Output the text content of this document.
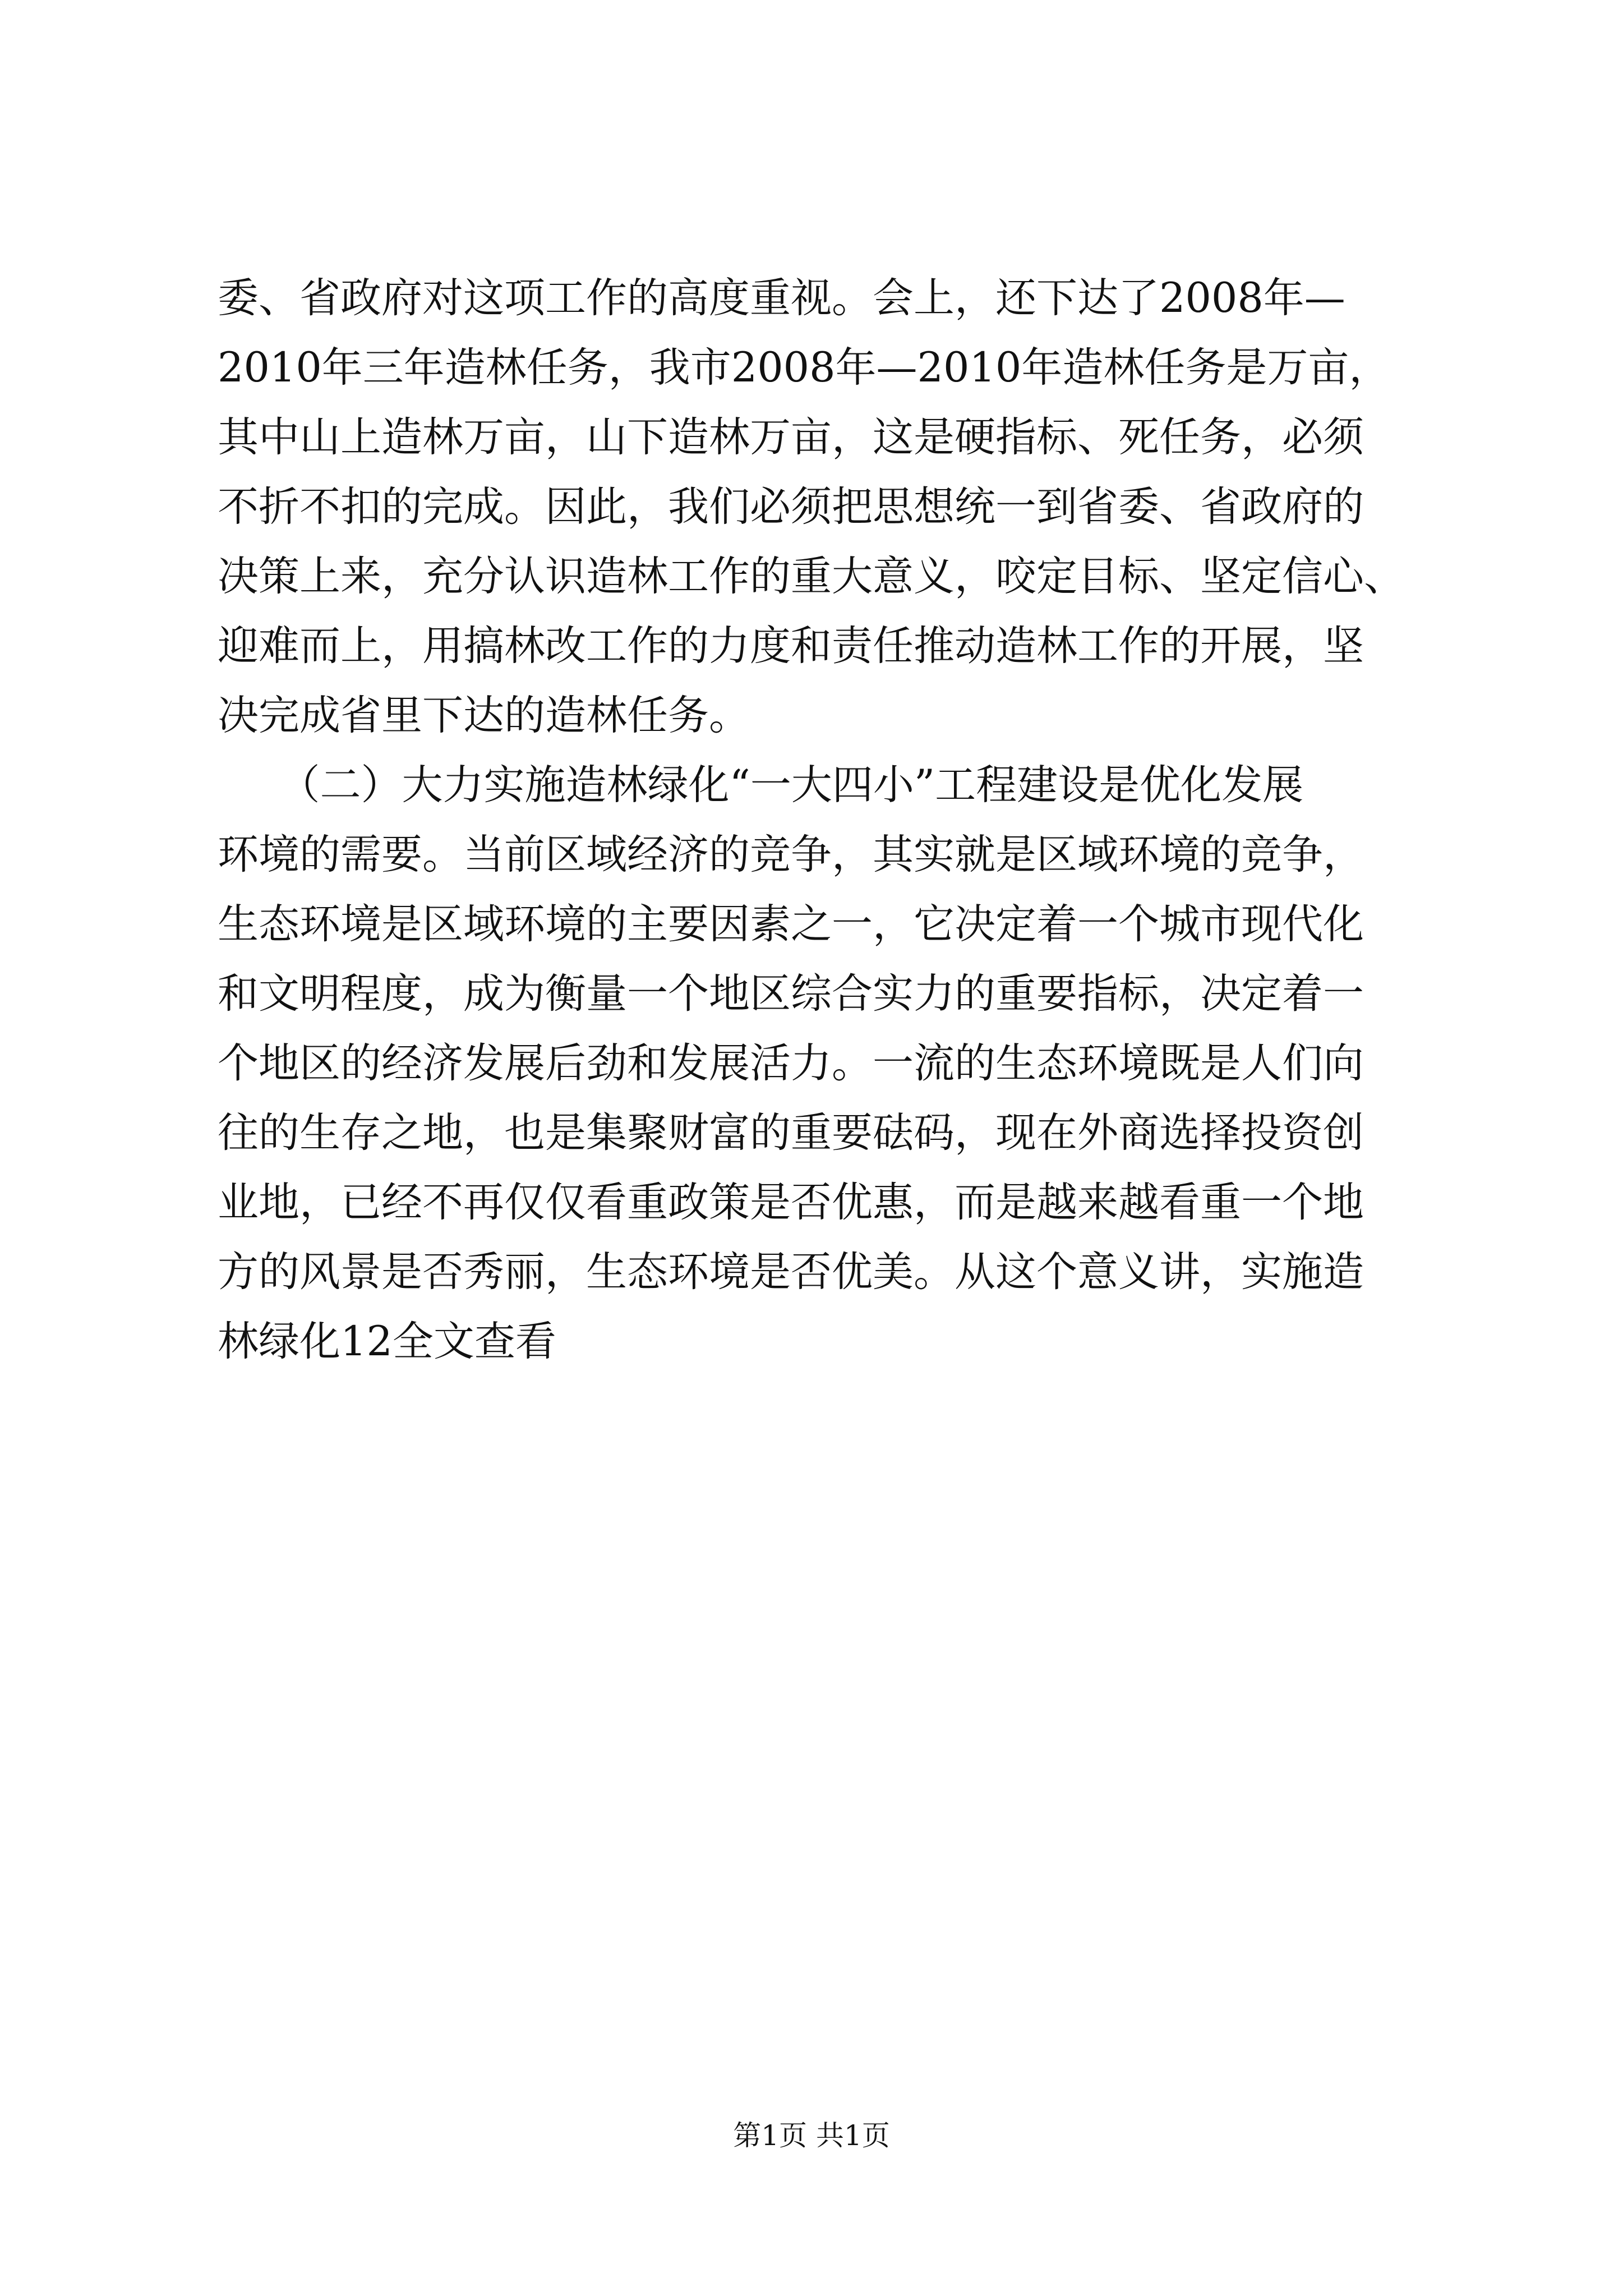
委、省政府对这项工作的高度重视。会上，还下达了2008年—
2010年三年造林任务，我市2008年—2010年造林任务是万亩，
其中山上造林万亩，山下造林万亩，这是硬指标、死任务，必须
不折不扣的完成。因此，我们必须把思想统一到省委、省政府的
决策上来，充分认识造林工作的重大意义，咬定目标、坚定信心、
迎难而上，用搞林改工作的力度和责任推动造林工作的开展，坚
决完成省里下达的造林任务。
　　（二）大力实施造林绿化“一大四小”工程建设是优化发展
环境的需要。当前区域经济的竞争，其实就是区域环境的竞争，
生态环境是区域环境的主要因素之一，它决定着一个城市现代化
和文明程度，成为衡量一个地区综合实力的重要指标，决定着一
个地区的经济发展后劲和发展活力。一流的生态环境既是人们向
往的生存之地，也是集聚财富的重要砝码，现在外商选择投资创
业地，已经不再仅仅看重政策是否优惠，而是越来越看重一个地
方的风景是否秀丽，生态环境是否优美。从这个意义讲，实施造
林绿化12全文查看
第1页 共1页
